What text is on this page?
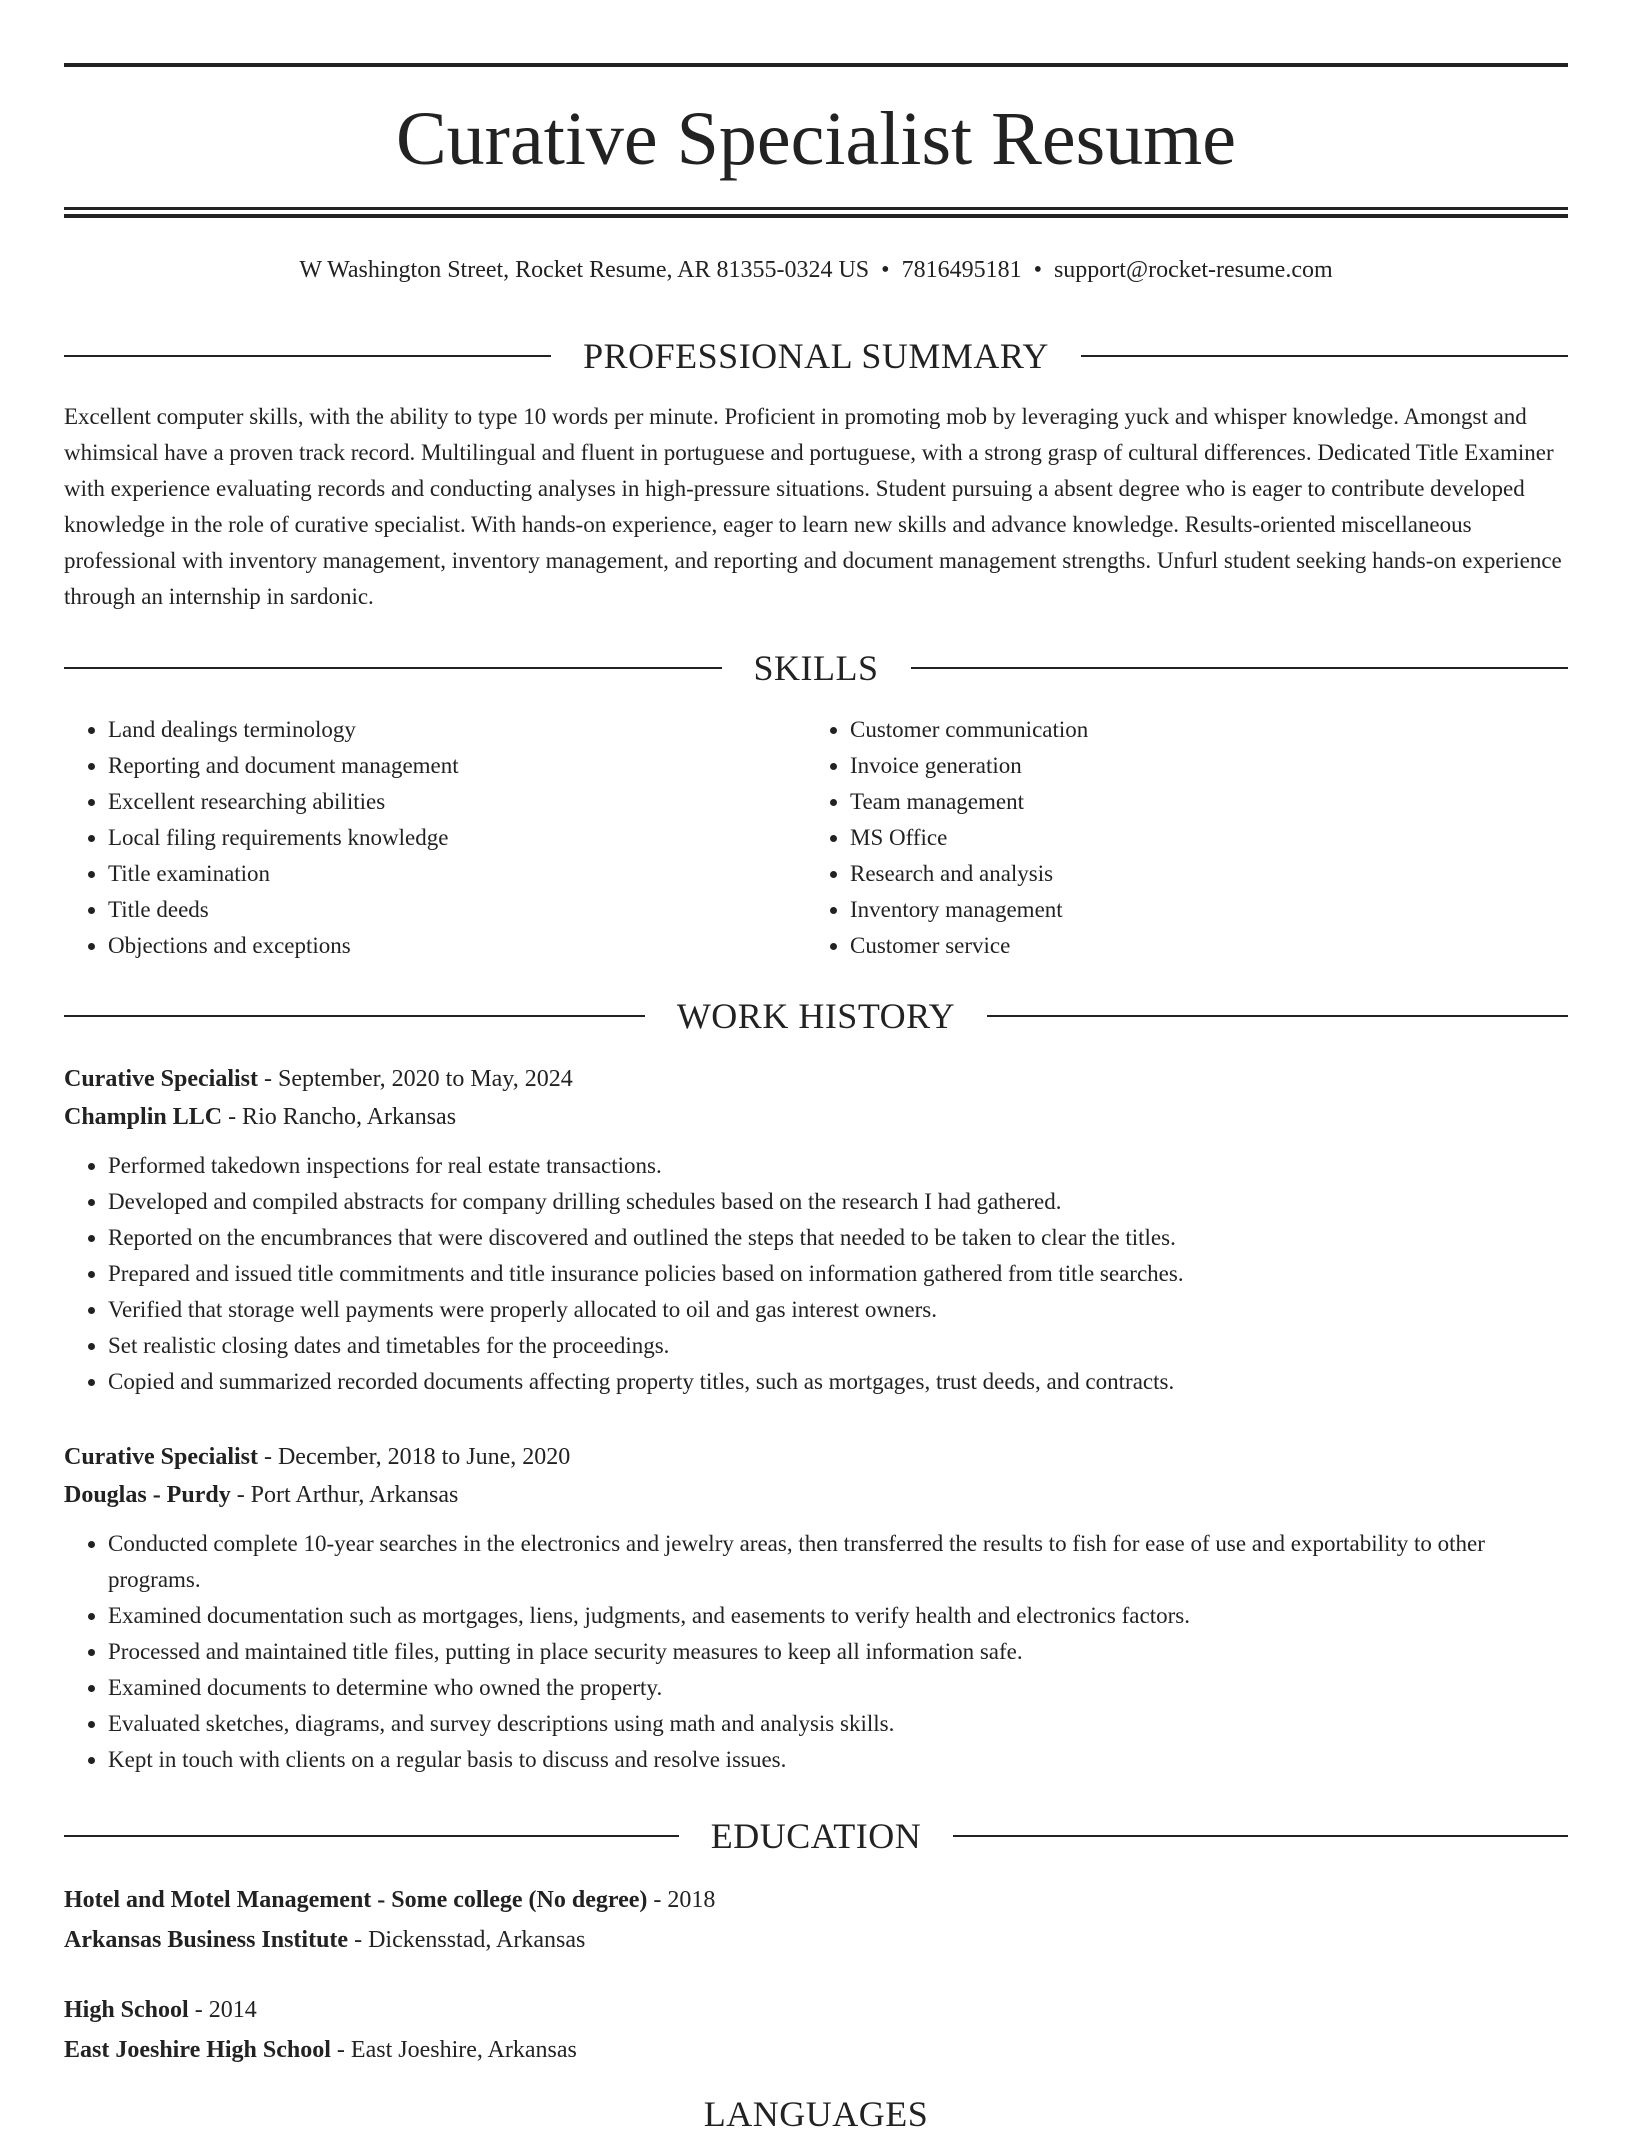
Curative Specialist Resume
W Washington Street, Rocket Resume, AR 81355-0324 US • 7816495181 • support@rocket-resume.com
PROFESSIONAL SUMMARY

Excellent computer skills, with the ability to type 10 words per minute. Proficient in promoting mob by leveraging yuck and whisper knowledge. Amongst and whimsical have a proven track record. Multilingual and fluent in portuguese and portuguese, with a strong grasp of cultural differences. Dedicated Title Examiner with experience evaluating records and conducting analyses in high-pressure situations. Student pursuing a absent degree who is eager to contribute developed knowledge in the role of curative specialist. With hands-on experience, eager to learn new skills and advance knowledge. Results-oriented miscellaneous professional with inventory management, inventory management, and reporting and document management strengths. Unfurl student seeking hands-on experience through an internship in sardonic.

SKILLS
• Land dealings terminology
• Reporting and document management
• Excellent researching abilities
• Local filing requirements knowledge
• Title examination
• Title deeds
• Objections and exceptions
• Customer communication
• Invoice generation
• Team management
• MS Office
• Research and analysis
• Inventory management
• Customer service
WORK HISTORY
Curative Specialist - September, 2020 to May, 2024
Champlin LLC - Rio Rancho, Arkansas
• Performed takedown inspections for real estate transactions.
• Developed and compiled abstracts for company drilling schedules based on the research I had gathered.
• Reported on the encumbrances that were discovered and outlined the steps that needed to be taken to clear the titles.
• Prepared and issued title commitments and title insurance policies based on information gathered from title searches.
• Verified that storage well payments were properly allocated to oil and gas interest owners.
• Set realistic closing dates and timetables for the proceedings.
• Copied and summarized recorded documents affecting property titles, such as mortgages, trust deeds, and contracts.
Curative Specialist - December, 2018 to June, 2020
Douglas - Purdy - Port Arthur, Arkansas
• Conducted complete 10-year searches in the electronics and jewelry areas, then transferred the results to fish for ease of use and exportability to other programs.
• Examined documentation such as mortgages, liens, judgments, and easements to verify health and electronics factors.
• Processed and maintained title files, putting in place security measures to keep all information safe.
• Examined documents to determine who owned the property.
• Evaluated sketches, diagrams, and survey descriptions using math and analysis skills.
• Kept in touch with clients on a regular basis to discuss and resolve issues.
EDUCATION
Hotel and Motel Management - Some college (No degree) - 2018
Arkansas Business Institute - Dickensstad, Arkansas
High School - 2014
East Joeshire High School - East Joeshire, Arkansas
LANGUAGES
